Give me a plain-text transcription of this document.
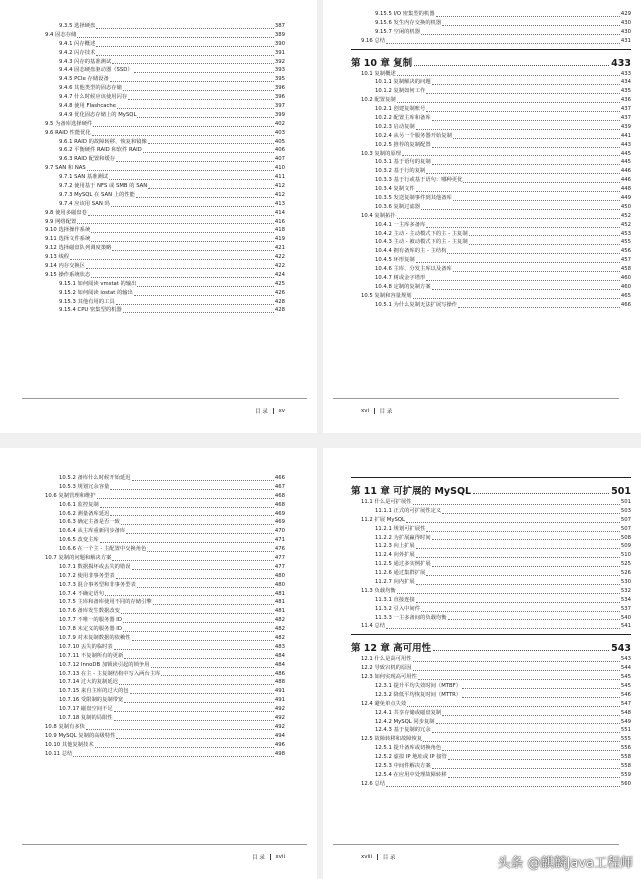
9.3.5 选择硬盘	387
9.4 固态存储	389
9.4.1 闪存概述	390
9.4.2 闪存技术	391
9.4.3 闪存的基准测试	392
9.4.4 固态硬盘驱动器（SSD）	393
9.4.5 PCIe 存储设备	395
9.4.6 其他类型的固态存储	396
9.4.7 什么时候应该使用闪存	396
9.4.8 使用 Flashcache	397
9.4.9 优化固态存储上的 MySQL	399
9.5 为备库选择硬件	402
9.6 RAID 性能优化	403
9.6.1 RAID 的故障转移、恢复和镜像	405
9.6.2 平衡硬件 RAID 和软件 RAID	406
9.6.3 RAID 配置和缓存	407
9.7 SAN 和 NAS	410
9.7.1 SAN 基准测试	411
9.7.2 使用基于 NFS 或 SMB 的 SAN	412
9.7.3 MySQL 在 SAN 上的性能	412
9.7.4 应该用 SAN 吗	413
9.8 使用多磁盘卷	414
9.9 网络配置	416
9.10 选择操作系统	418
9.11 选择文件系统	419
9.12 选择磁盘队列调度策略	421
9.13 线程	422
9.14 内存交换区	422
9.15 操作系统状态	424
9.15.1 如何阅读 vmstat 的输出	425
9.15.2 如何阅读 iostat 的输出	426
9.15.3 其他有用的工具	428
9.15.4 CPU 密集型的机器	428
目 录 xv
9.15.5 I/O 密集型的机器	429
9.15.6 发生内存交换的机器	430
9.15.7 空闲的机器	430
9.16 总结	431
第 10 章 复制	433
10.1 复制概述	433
10.1.1 复制解决的问题	434
10.1.2 复制如何工作	435
10.2 配置复制	436
10.2.1 创建复制账号	437
10.2.2 配置主库和备库	437
10.2.3 启动复制	439
10.2.4 从另一个服务器开始复制	441
10.2.5 推荐的复制配置	443
10.3 复制的原理	445
10.3.1 基于语句的复制	445
10.3.2 基于行的复制	446
10.3.3 基于行或基于语句：哪种更优	446
10.3.4 复制文件	448
10.3.5 发送复制事件到其他备库	449
10.3.6 复制过滤器	450
10.4 复制拓扑	452
10.4.1 一主库多备库	452
10.4.2 主动 - 主动模式下的主 - 主复制	453
10.4.3 主动 - 被动模式下的主 - 主复制	455
10.4.4 拥有备库的主 - 主结构	456
10.4.5 环形复制	457
10.4.6 主库、分发主库以及备库	458
10.4.7 树或金字塔形	460
10.4.8 定制的复制方案	460
10.5 复制和容量规划	465
10.5.1 为什么复制无法扩展写操作	466
xvi 目 录
10.5.2 备库什么时候开始延迟	466
10.5.3 规划冗余容量	467
10.6 复制管理和维护	468
10.6.1 监控复制	468
10.6.2 测量备库延迟	469
10.6.3 确定主备是否一致	469
10.6.4 从主库重新同步备库	470
10.6.5 改变主库	471
10.6.6 在一个主 - 主配置中交换角色	476
10.7 复制的问题和解决方案	477
10.7.1 数据损坏或丢失的错误	477
10.7.2 使用非事务型表	480
10.7.3 混合事务型和非事务型表	480
10.7.4 不确定语句	481
10.7.5 主库和备库使用不同的存储引擎	481
10.7.6 备库发生数据改变	481
10.7.7 不唯一的服务器 ID	482
10.7.8 未定义的服务器 ID	482
10.7.9 对未复制数据的依赖性	482
10.7.10 丢失的临时表	483
10.7.11 不复制所有的更新	484
10.7.12 InnoDB 加锁读引起的锁争用	484
10.7.13 在主 - 主复制结构中写入两台主库	486
10.7.14 过大的复制延迟	488
10.7.15 来自主库的过大的包	491
10.7.16 受限制的复制带宽	491
10.7.17 磁盘空间不足	492
10.7.18 复制的局限性	492
10.8 复制有多快	492
10.9 MySQL 复制的高级特性	494
10.10 其他复制技术	496
10.11 总结	498
目 录 xvii
第 11 章 可扩展的 MySQL	501
11.1 什么是可扩展性	501
11.1.1 正式的可扩展性定义	503
11.2 扩展 MySQL	507
11.2.1 规划可扩展性	507
11.2.2 为扩展赢得时间	508
11.2.3 向上扩展	509
11.2.4 向外扩展	510
11.2.5 通过多实例扩展	525
11.2.6 通过集群扩展	526
11.2.7 向内扩展	530
11.3 负载均衡	532
11.3.1 直接连接	534
11.3.2 引入中间件	537
11.3.3 一主多备间的负载均衡	540
11.4 总结	541
第 12 章 高可用性	543
12.1 什么是高可用性	543
12.2 导致宕机的原因	544
12.3 如何实现高可用性	545
12.3.1 提升平均失效时间（MTBF）	545
12.3.2 降低平均恢复时间（MTTR）	546
12.4 避免单点失效	547
12.4.1 共享存储或磁盘复制	548
12.4.2 MySQL 同步复制	549
12.4.3 基于复制的冗余	551
12.5 故障转移和故障恢复	555
12.5.1 提升备库或切换角色	556
12.5.2 虚拟 IP 地址或 IP 接管	558
12.5.3 中间件解决方案	558
12.5.4 在应用中处理故障转移	559
12.6 总结	560
xviii 目 录	头条 @麒麟Java工程师
